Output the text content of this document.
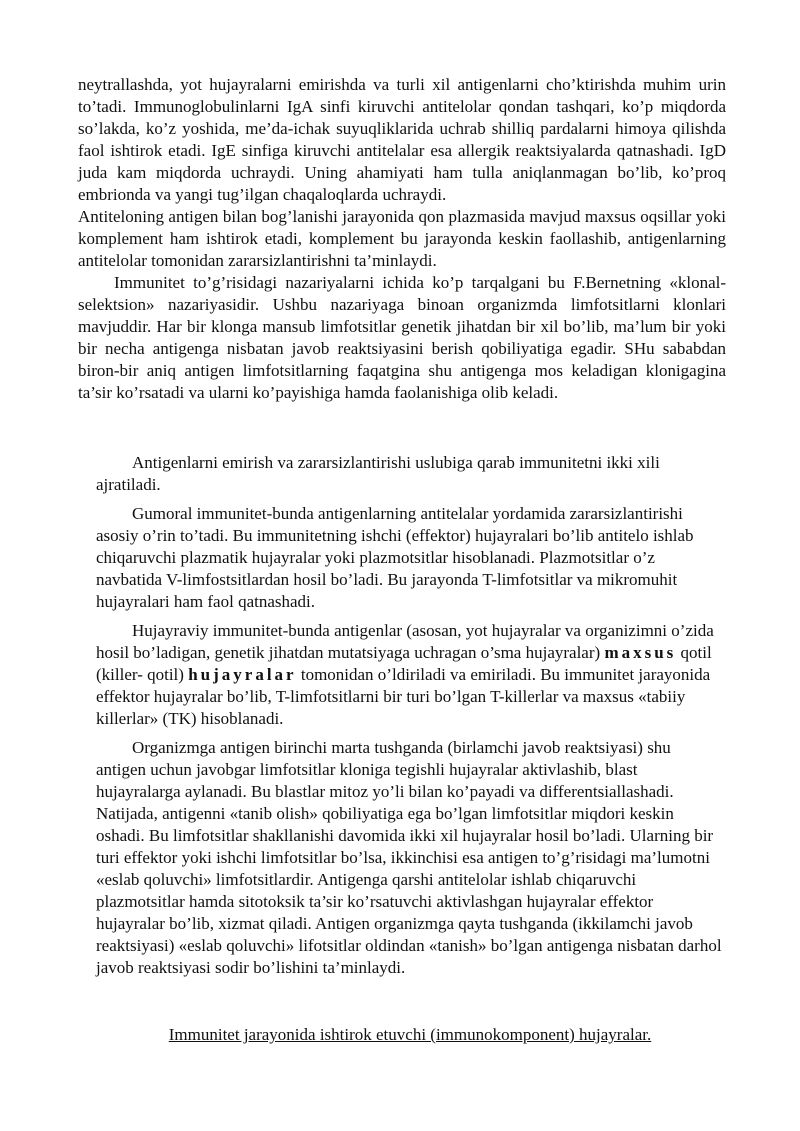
neytrallashda, yot hujayralarni emirishda va turli xil antigenlarni cho’ktirishda muhim urin to’tadi. Immunoglobulinlarni IgA sinfi kiruvchi antitelolar qondan tashqari, ko’p miqdorda so’lakda, ko’z yoshida, me’da-ichak suyuqliklarida uchrab shilliq pardalarni himoya qilishda faol ishtirok etadi. IgE sinfiga kiruvchi antitelalar esa allergik reaktsiyalarda qatnashadi. IgD juda kam miqdorda uchraydi. Uning ahamiyati ham tulla aniqlanmagan bo’lib, ko’proq embrionda va yangi tug’ilgan chaqaloqlarda uchraydi.

Antiteloning antigen bilan bog’lanishi jarayonida qon plazmasida mavjud maxsus oqsillar yoki komplement ham ishtirok etadi, komplement bu jarayonda keskin faollashib, antigenlarning antitelolar tomonidan zararsizlantirishni ta’minlaydi.

Immunitet to’g’risidagi nazariyalarni ichida ko’p tarqalgani bu F.Bernetning «klonal-selektsion» nazariyasidir. Ushbu nazariyaga binoan organizmda limfotsitlarni klonlari mavjuddir. Har bir klonga mansub limfotsitlar genetik jihatdan bir xil bo’lib, ma’lum bir yoki bir necha antigenga nisbatan javob reaktsiyasini berish qobiliyatiga egadir. SHu sababdan biron-bir aniq antigen limfotsitlarning faqatgina shu antigenga mos keladigan klonigagina ta’sir ko’rsatadi va ularni ko’payishiga hamda faolanishiga olib keladi.

Antigenlarni emirish va zararsizlantirishi uslubiga qarab immunitetni ikki xili ajratiladi.

Gumoral immunitet-bunda antigenlarning antitelalar yordamida zararsizlantirishi asosiy o’rin to’tadi. Bu immunitetning ishchi (effektor) hujayralari bo’lib antitelo ishlab chiqaruvchi plazmatik hujayralar yoki plazmotsitlar hisoblanadi. Plazmotsitlar o’z navbatida V-limfostsitlardan hosil bo’ladi. Bu jarayonda T-limfotsitlar va mikromuhit hujayralari ham faol qatnashadi.

Hujayraviy immunitet-bunda antigenlar (asosan, yot hujayralar va organizimni o’zida hosil bo’ladigan, genetik jihatdan mutatsiyaga uchragan o’sma hujayralar) maxsus qotil (killer- qotil) hujayralar tomonidan o’ldiriladi va emiriladi. Bu immunitet jarayonida effektor hujayralar bo’lib, T-limfotsitlarni bir turi bo’lgan T-killerlar va maxsus «tabiiy killerlar» (TK) hisoblanadi.

Organizmga antigen birinchi marta tushganda (birlamchi javob reaktsiyasi) shu antigen uchun javobgar limfotsitlar kloniga tegishli hujayralar aktivlashib, blast hujayralarga aylanadi. Bu blastlar mitoz yo’li bilan ko’payadi va differentsiallashadi. Natijada, antigenni «tanib olish» qobiliyatiga ega bo’lgan limfotsitlar miqdori keskin oshadi. Bu limfotsitlar shakllanishi davomida ikki xil hujayralar hosil bo’ladi. Ularning bir turi effektor yoki ishchi limfotsitlar bo’lsa, ikkinchisi esa antigen to’g’risidagi ma’lumotni «eslab qoluvchi» limfotsitlardir. Antigenga qarshi antitelolar ishlab chiqaruvchi plazmotsitlar hamda sitotoksik ta’sir ko’rsatuvchi aktivlashgan hujayralar effektor hujayralar bo’lib, xizmat qiladi. Antigen organizmga qayta tushganda (ikkilamchi javob reaktsiyasi) «eslab qoluvchi» lifotsitlar oldindan «tanish» bo’lgan antigenga nisbatan darhol javob reaktsiyasi sodir bo’lishini ta’minlaydi.

Immunitet jarayonida ishtirok etuvchi (immunokomponent) hujayralar.
